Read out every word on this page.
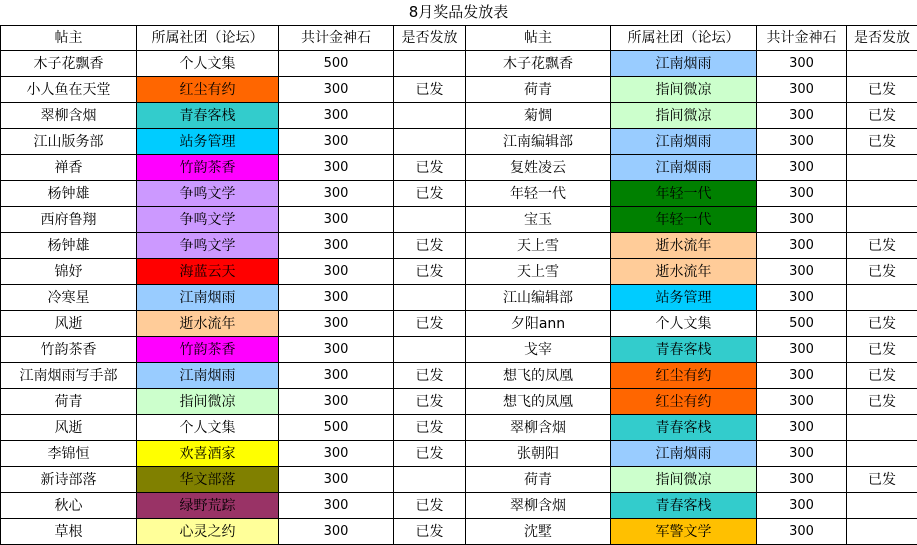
8月奖品发放表
帖主	所属社团（论坛）	共计金神石	是否发放	帖主	所属社团（论坛）	共计金神石	是否发放
木子花飘香	个人文集	500		木子花飘香	江南烟雨	300	
小人鱼在天堂	红尘有约	300	已发	荷青	指间微凉	300	已发
翠柳含烟	青春客栈	300		菊惆	指间微凉	300	已发
江山版务部	站务管理	300		江南编辑部	江南烟雨	300	已发
禅香	竹韵茶香	300	已发	复姓凌云	江南烟雨	300	
杨钟雄	争鸣文学	300	已发	年轻一代	年轻一代	300	
西府鲁翔	争鸣文学	300		宝玉	年轻一代	300	
杨钟雄	争鸣文学	300	已发	天上雪	逝水流年	300	已发
锦妤	海蓝云天	300	已发	天上雪	逝水流年	300	已发
冷寒星	江南烟雨	300		江山编辑部	站务管理	300	
风逝	逝水流年	300	已发	夕阳ann	个人文集	500	已发
竹韵茶香	竹韵茶香	300		戈宰	青春客栈	300	已发
江南烟雨写手部	江南烟雨	300	已发	想飞的凤凰	红尘有约	300	已发
荷青	指间微凉	300	已发	想飞的凤凰	红尘有约	300	已发
风逝	个人文集	500	已发	翠柳含烟	青春客栈	300	
李锦恒	欢喜酒家	300	已发	张朝阳	江南烟雨	300	
新诗部落	华文部落	300		荷青	指间微凉	300	已发
秋心	绿野荒踪	300	已发	翠柳含烟	青春客栈	300	
草根	心灵之约	300	已发	沈墅	军警文学	300	
